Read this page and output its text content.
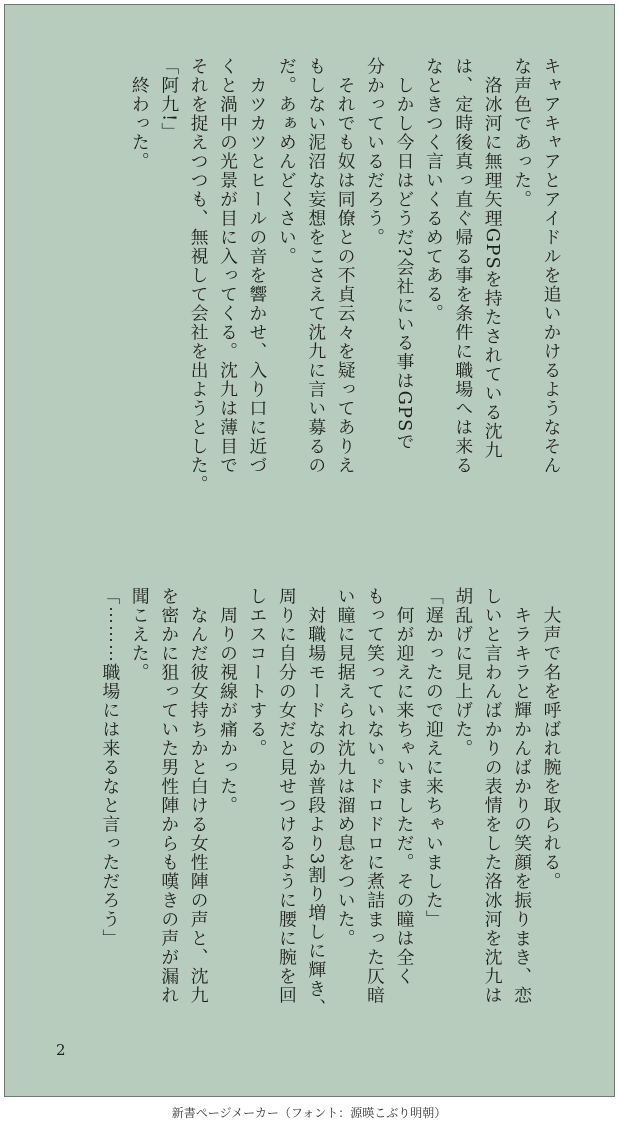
キャアキャアとアイドルを追いかけるようなそん
な声色であった。
　洛冰河に無理矢理GPSを持たされている沈九
は、定時後真っ直ぐ帰る事を条件に職場へは来る
なときつく言いくるめてある。
　しかし今日はどうだ?会社にいる事はGPSで
分かっているだろう。
　それでも奴は同僚との不貞云々を疑ってありえ
もしない泥沼な妄想をこさえて沈九に言い募るの
だ。あぁめんどくさい。
　カツカツとヒールの音を響かせ、入り口に近づ
くと渦中の光景が目に入ってくる。沈九は薄目で
それを捉えつつも、無視して会社を出ようとした。
「阿九!」
　終わった。
　大声で名を呼ばれ腕を取られる。
　キラキラと輝かんばかりの笑顔を振りまき、恋
しいと言わんばかりの表情をした洛冰河を沈九は
胡乱げに見上げた。
「遅かったので迎えに来ちゃいました」
　何が迎えに来ちゃいましただ。その瞳は全く
もって笑っていない。ドロドロに煮詰まった仄暗
い瞳に見据えられ沈九は溜め息をついた。
　対職場モードなのか普段より3割り増しに輝き、
周りに自分の女だと見せつけるように腰に腕を回
しエスコートする。
　周りの視線が痛かった。
　なんだ彼女持ちかと白ける女性陣の声と、沈九
を密かに狙っていた男性陣からも嘆きの声が漏れ
聞こえた。
「⋯⋯⋯職場には来るなと言っただろう」
2
新書ページメーカー（フォント：源暎こぶり明朝）
